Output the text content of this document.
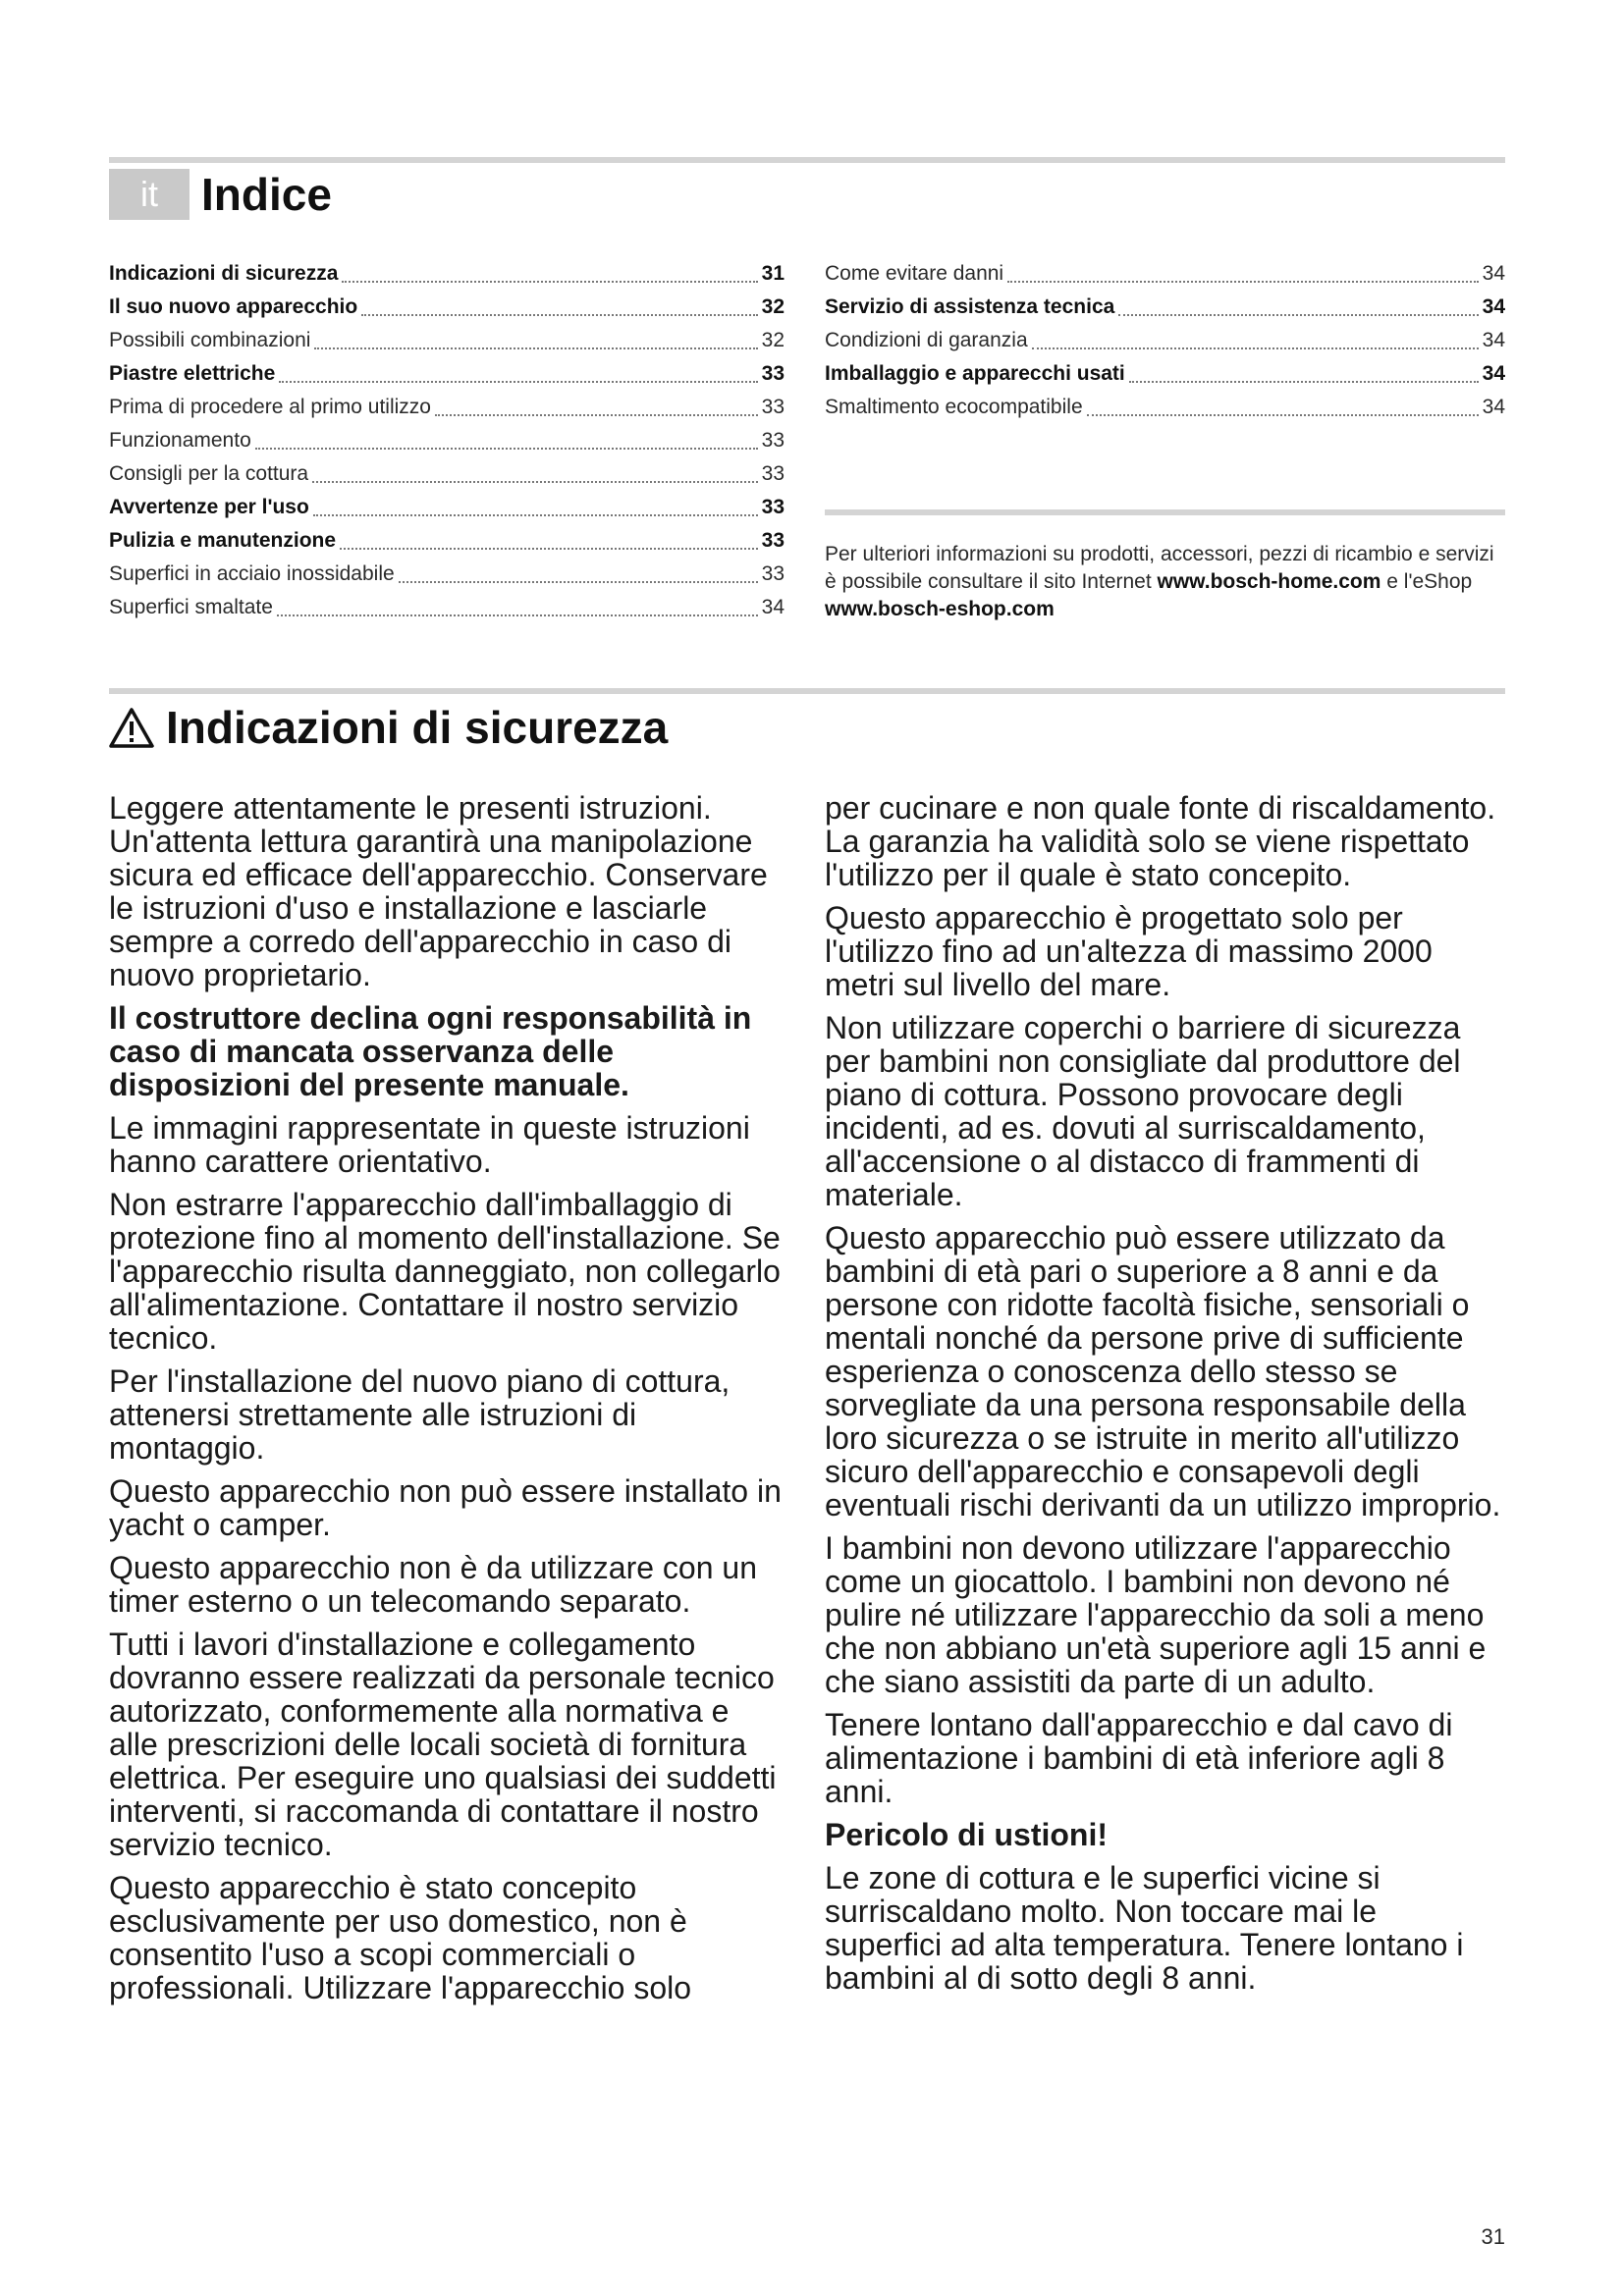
it Indice
Indicazioni di sicurezza	31
Il suo nuovo apparecchio	32
Possibili combinazioni	32
Piastre elettriche	33
Prima di procedere al primo utilizzo	33
Funzionamento	33
Consigli per la cottura	33
Avvertenze per l'uso	33
Pulizia e manutenzione	33
Superfici in acciaio inossidabile	33
Superfici smaltate	34
Come evitare danni	34
Servizio di assistenza tecnica	34
Condizioni di garanzia	34
Imballaggio e apparecchi usati	34
Smaltimento ecocompatibile	34

Per ulteriori informazioni su prodotti, accessori, pezzi di ricambio e servizi è possibile consultare il sito Internet www.bosch-home.com e l'eShop www.bosch-eshop.com

Indicazioni di sicurezza

Leggere attentamente le presenti istruzioni. Un'attenta lettura garantirà una manipolazione sicura ed efficace dell'apparecchio. Conservare le istruzioni d'uso e installazione e lasciarle sempre a corredo dell'apparecchio in caso di nuovo proprietario.

Il costruttore declina ogni responsabilità in caso di mancata osservanza delle disposizioni del presente manuale.

Le immagini rappresentate in queste istruzioni hanno carattere orientativo.

Non estrarre l'apparecchio dall'imballaggio di protezione fino al momento dell'installazione. Se l'apparecchio risulta danneggiato, non collegarlo all'alimentazione. Contattare il nostro servizio tecnico.

Per l'installazione del nuovo piano di cottura, attenersi strettamente alle istruzioni di montaggio.

Questo apparecchio non può essere installato in yacht o camper.

Questo apparecchio non è da utilizzare con un timer esterno o un telecomando separato.

Tutti i lavori d'installazione e collegamento dovranno essere realizzati da personale tecnico autorizzato, conformemente alla normativa e alle prescrizioni delle locali società di fornitura elettrica. Per eseguire uno qualsiasi dei suddetti interventi, si raccomanda di contattare il nostro servizio tecnico.

Questo apparecchio è stato concepito esclusivamente per uso domestico, non è consentito l'uso a scopi commerciali o professionali. Utilizzare l'apparecchio solo

per cucinare e non quale fonte di riscaldamento. La garanzia ha validità solo se viene rispettato l'utilizzo per il quale è stato concepito.

Questo apparecchio è progettato solo per l'utilizzo fino ad un'altezza di massimo 2000 metri sul livello del mare.

Non utilizzare coperchi o barriere di sicurezza per bambini non consigliate dal produttore del piano di cottura. Possono provocare degli incidenti, ad es. dovuti al surriscaldamento, all'accensione o al distacco di frammenti di materiale.

Questo apparecchio può essere utilizzato da bambini di età pari o superiore a 8 anni e da persone con ridotte facoltà fisiche, sensoriali o mentali nonché da persone prive di sufficiente esperienza o conoscenza dello stesso se sorvegliate da una persona responsabile della loro sicurezza o se istruite in merito all'utilizzo sicuro dell'apparecchio e consapevoli degli eventuali rischi derivanti da un utilizzo improprio.

I bambini non devono utilizzare l'apparecchio come un giocattolo. I bambini non devono né pulire né utilizzare l'apparecchio da soli a meno che non abbiano un'età superiore agli 15 anni e che siano assistiti da parte di un adulto.

Tenere lontano dall'apparecchio e dal cavo di alimentazione i bambini di età inferiore agli 8 anni.

Pericolo di ustioni!

Le zone di cottura e le superfici vicine si surriscaldano molto. Non toccare mai le superfici ad alta temperatura. Tenere lontano i bambini al di sotto degli 8 anni.

31
